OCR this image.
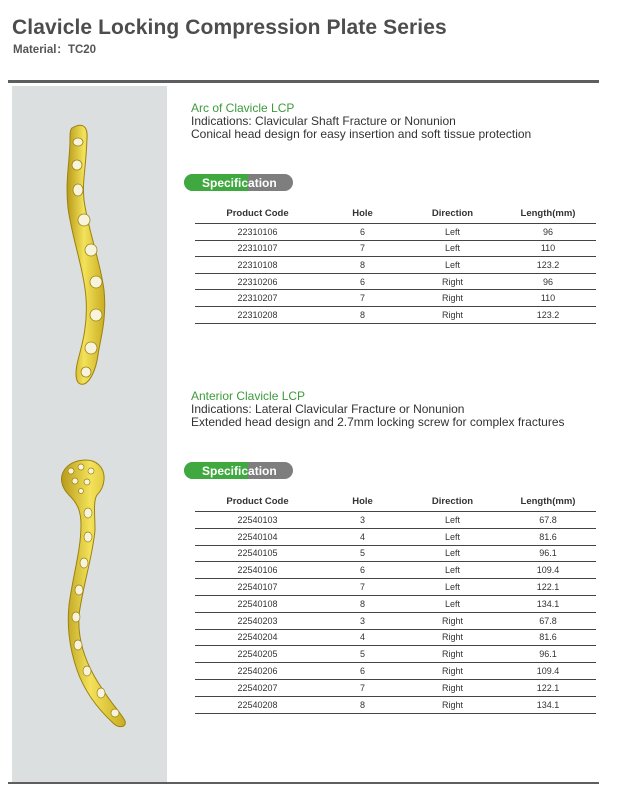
Clavicle Locking Compression Plate Series
Material：TC20
Arc of Clavicle LCP
Indications: Clavicular Shaft Fracture or Nonunion
Conical head design for easy insertion and soft tissue protection
Specification
Product Code	Hole	Direction	Length(mm)
22310106	6	Left	96
22310107	7	Left	110
22310108	8	Left	123.2
22310206	6	Right	96
22310207	7	Right	110
22310208	8	Right	123.2
Anterior Clavicle LCP
Indications: Lateral Clavicular Fracture or Nonunion
Extended head design and 2.7mm locking screw for complex fractures
Specification
Product Code	Hole	Direction	Length(mm)
22540103	3	Left	67.8
22540104	4	Left	81.6
22540105	5	Left	96.1
22540106	6	Left	109.4
22540107	7	Left	122.1
22540108	8	Left	134.1
22540203	3	Right	67.8
22540204	4	Right	81.6
22540205	5	Right	96.1
22540206	6	Right	109.4
22540207	7	Right	122.1
22540208	8	Right	134.1
